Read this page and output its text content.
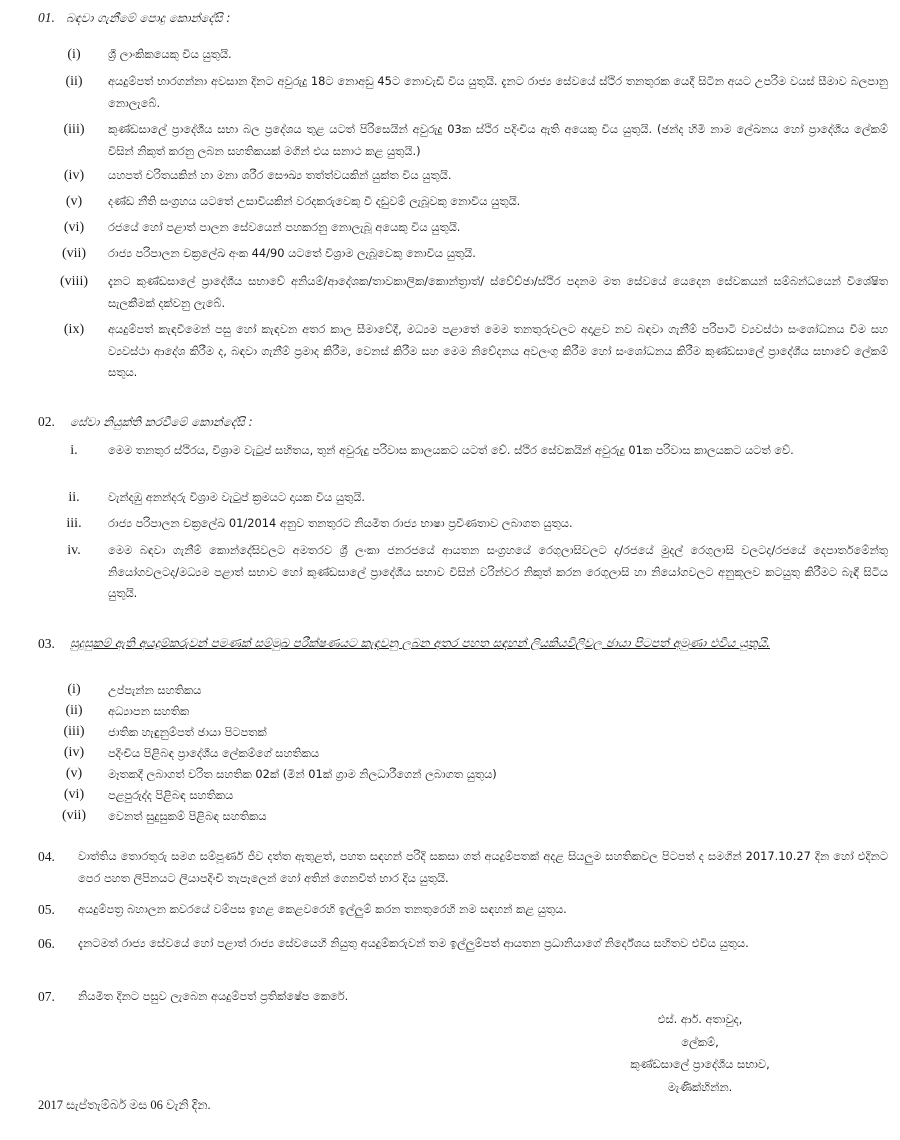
01. බඳවා ගැනීමේ පොදු කොන්දේසි :
(i)	ශ්‍රී ලාංකිකයෙකු විය යුතුයි.
(ii)	අයදුම්පත් භාරගන්නා අවසාන දිනට අවුරුදු 18ට නොඅඩු 45ට නොවැඩි විය යුතුයි. දැනට රාජ්‍ය සේවයේ ස්ථිර තනතුරක යෙදී සිටින අයට උපරිම වයස් සීමාව බලපානු නොලැබේ.
(iii)	කුණ්ඩසාලේ ප්‍රාදේශීය සභා බල ප්‍රදේශය තුළ යටත් පිරිසෙයින් අවුරුදු 03ක ස්ථිර පදිංචිය ඇති අයෙකු විය යුතුයි. (ඡන්ද හිමි නාම ලේඛනය හෝ ප්‍රාදේශීය ලේකම් විසින් නිකුත් කරනු ලබන සහතිකයක් මගින් එය සනාථ කළ යුතුයි.)
(iv)	යහපත් චරිතයකින් හා මනා ශරීර සෞඛ්‍ය තත්ත්වයකින් යුක්ත විය යුතුයි.
(v)	දණ්ඩ නීති සංග්‍රහය යටතේ උසාවියකින් වරදකරුවෙකු වී දඩුවම් ලැබූවකු නොවිය යුතුයි.
(vi)	රජයේ හෝ පළාත් පාලන සේවයෙන් පහකරනු නොලැබූ අයෙකු විය යුතුයි.
(vii)	රාජ්‍ය පරිපාලන චක්‍රලේඛ අංක 44/90 යටතේ විශ්‍රාම ලැබූවෙකු නොවිය යුතුයි.
(viii)	දැනට කුණ්ඩසාලේ ප්‍රාදේශීය සභාවේ අනියම්/ආදේශක/තාවකාලික/කොන්ත්‍රාත්/ ස්වේච්ඡා/ස්ථිර පදනම මත සේවයේ යෙදෙන සේවකයන් සම්බන්ධයෙන් විශේෂිත සැලකීමක් දක්වනු ලැබේ.
(ix)	අයදුම්පත් කැඳවීමෙන් පසු හෝ කැඳවන අතර කාල සීමාවේදී, මධ්‍යම පළාතේ මෙම තනතුරුවලට අදාළව නව බඳවා ගැනීම් පරිපාටි ව්‍යවස්ථා සංශෝධනය වීම සහ ව්‍යවස්ථා ආදේශ කිරීම ද, බඳවා ගැනීම් ප්‍රමාද කිරීම, වෙනස් කිරීම සහ මෙම නිවේදනය අවලංගු කිරීම හෝ සංශෝධනය කිරීම කුණ්ඩසාලේ ප්‍රාදේශීය සභාවේ ලේකම් සතුය.
02. සේවා නියුක්ති කරවීමේ කොන්දේසි :
i.	මෙම තනතුර ස්ථිරය, විශ්‍රාම වැටුප් සහිතය, තුන් අවුරුදු පරිවාස කාලයකට යටත් වේ. ස්ථිර සේවකයින් අවුරුදු 01ක පරිවාස කාලයකට යටත් වේ.
ii.	වැන්දඹු අනන්දරු විශ්‍රාම වැටුප් ක්‍රමයට දායක විය යුතුයි.
iii.	රාජ්‍ය පරිපාලන චක්‍රලේඛ 01/2014 අනුව තනතුරට නියමිත රාජ්‍ය භාෂා ප්‍රවීණතාව ලබාගත යුතුය.
iv.	මෙම බඳවා ගැනීම් කොන්දේසිවලට අමතරව ශ්‍රී ලංකා ජනරජයේ ආයතන සංග්‍රහයේ රෙගුලාසිවලට ද/රජයේ මුදල් රෙගුලාසි වලටද/රජයේ දෙපාර්තමේන්තු නියෝගවලටද/මධ්‍යම පළාත් සභාව හෝ කුණ්ඩසාලේ ප්‍රාදේශීය සභාව විසින් වරින්වර නිකුත් කරන රෙගුලාසි හා නියෝගවලට අනුකූලව කටයුතු කිරීමට බැඳී සිටිය යුතුයි.
03. සුදුසුකම් ඇති අයදුම්කරුවන් පමණක් සම්මුඛ පරීක්ෂණයට කැඳවනු ලබන අතර පහත සඳහන් ලියකියවිලිවල ඡායා පිටපත් අමුණා එවිය යුතුයි.
(i)	උප්පැන්න සහතිකය
(ii)	අධ්‍යාපන සහතික
(iii)	ජාතික හැඳුනුම්පත් ඡායා පිටපතක්
(iv)	පදිංචිය පිළිබඳ ප්‍රාදේශීය ලේකම්ගේ සහතිකය
(v)	මෑතකදී ලබාගත් චරිත සහතික 02ක් (මින් 01ක් ග්‍රාම නිලධාරීගෙන් ලබාගත යුතුය)
(vi)	පළපුරුද්ද පිළිබඳ සහතිකය
(vii)	වෙනත් සුදුසුකම් පිළිබඳ සහතිකය
04. වාත්තිය තොරතුරු සමග සම්පූර්ණ ජීව දත්ත ඇතුළත්, පහත සඳහන් පරිදි සකසා ගත් අයදුම්පතක් අදළ සියලුම සහතිකවල පිටපත් ද සමගින් 2017.10.27 දින හෝ එදිනට පෙර පහත ලිපිනයට ලියාපදිංචි තැපෑලෙන් හෝ අතින් ගෙනවිත් භාර දිය යුතුයි.
05. අයදුම්පත්‍ර බහාලන කවරයේ වම්පස ඉහළ කෙළවරෙහි ඉල්ලුම් කරන තනතුරෙහි නම සඳහන් කළ යුතුය.
06. දැනටමත් රාජ්‍ය සේවයේ හෝ පළාත් රාජ්‍ය සේවයෙහි නියුතු අයදුම්කරුවන් තම ඉල්ලුම්පත් ආයතන ප්‍රධානියාගේ නිර්දේශය සහිතව එවිය යුතුය.
07. නියමිත දිනට පසුව ලැබෙන අයදුම්පත් ප්‍රතික්ෂේප කෙරේ.
එස්. ආර්. අතාවුද,
ලේකම්,
කුණ්ඩසාලේ ප්‍රාදේශීය සභාව,
මැණික්හින්න.
2017 සැප්තැම්බර් මස 06 වැනි දින.
